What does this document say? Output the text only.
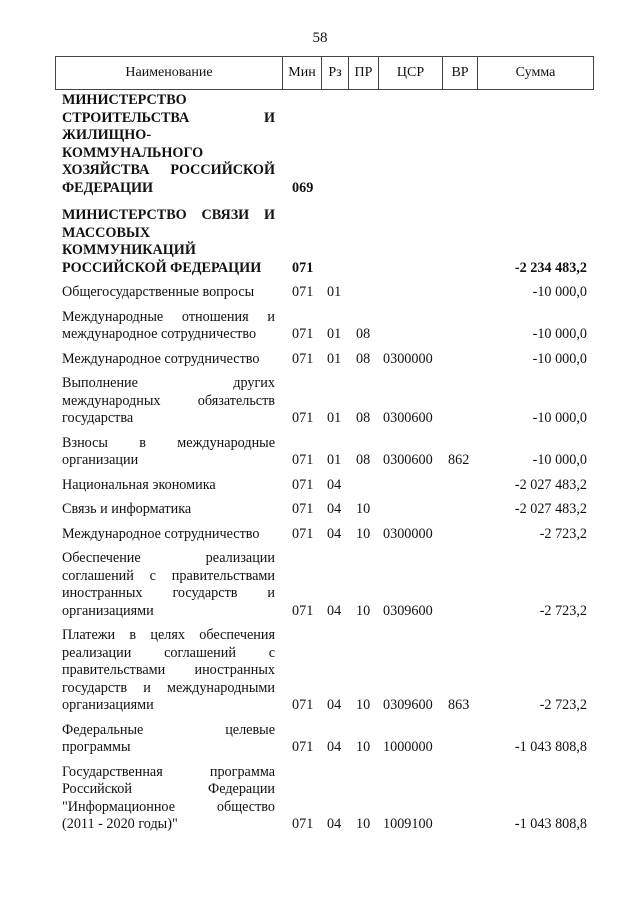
58
Наименование	Мин	Рз	ПР	ЦСР	ВР	Сумма
МИНИСТЕРСТВО
СТРОИТЕЛЬСТВА И
ЖИЛИЩНО-
КОММУНАЛЬНОГО
ХОЗЯЙСТВА РОССИЙСКОЙ
ФЕДЕРАЦИИ	069
МИНИСТЕРСТВО СВЯЗИ И
МАССОВЫХ
КОММУНИКАЦИЙ
РОССИЙСКОЙ ФЕДЕРАЦИИ	071	-2 234 483,2
Общегосударственные вопросы	071 01	-10 000,0
Международные отношения и
международное сотрудничество	071 01 08	-10 000,0
Международное сотрудничество	071 01 08 0300000	-10 000,0
Выполнение других
международных обязательств
государства	071 01 08 0300600	-10 000,0
Взносы в международные
организации	071 01 08 0300600 862	-10 000,0
Национальная экономика	071 04	-2 027 483,2
Связь и информатика	071 04 10	-2 027 483,2
Международное сотрудничество	071 04 10 0300000	-2 723,2
Обеспечение реализации
соглашений с правительствами
иностранных государств и
организациями	071 04 10 0309600	-2 723,2
Платежи в целях обеспечения
реализации соглашений с
правительствами иностранных
государств и международными
организациями	071 04 10 0309600 863	-2 723,2
Федеральные целевые
программы	071 04 10 1000000	-1 043 808,8
Государственная программа
Российской Федерации
"Информационное общество
(2011 - 2020 годы)"	071 04 10 1009100	-1 043 808,8
